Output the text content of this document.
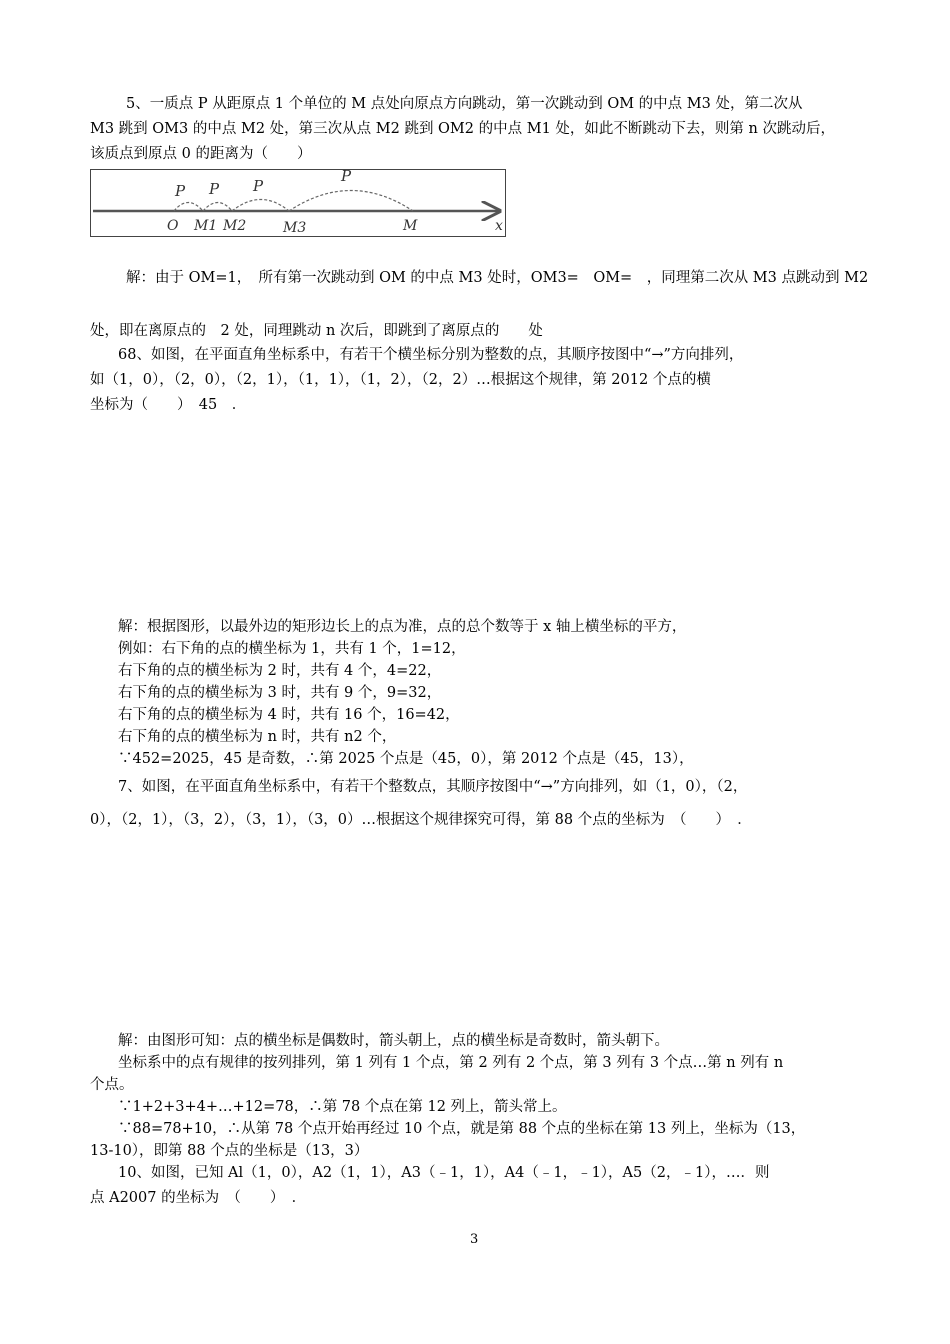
5、一质点 P 从距原点 1 个单位的 M 点处向原点方向跳动，第一次跳动到 OM 的中点 M3 处，第二次从
M3 跳到 OM3 的中点 M2 处，第三次从点 M2 跳到 OM2 的中点 M1 处，如此不断跳动下去，则第 n 次跳动后，
该质点到原点 0 的距离为（　　）
P P P
P
O M1 M2	M3	M	x
解：由于 OM=1，　所有第一次跳动到 OM 的中点 M3 处时，OM3=　OM=　，同理第二次从 M3 点跳动到 M2
处，即在离原点的　2 处，同理跳动 n 次后，即跳到了离原点的　　处
68、如图，在平面直角坐标系中，有若干个横坐标分别为整数的点，其顺序按图中“→”方向排列，
如（1，0），（2，0），（2，1），（1，1），（1，2），（2，2）…根据这个规律，第 2012 个点的横
坐标为（　　）　45　．
解：根据图形，以最外边的矩形边长上的点为准，点的总个数等于 x 轴上横坐标的平方，
例如：右下角的点的横坐标为 1，共有 1 个，1=12，
右下角的点的横坐标为 2 时，共有 4 个，4=22，
右下角的点的横坐标为 3 时，共有 9 个，9=32，
右下角的点的横坐标为 4 时，共有 16 个，16=42，
右下角的点的横坐标为 n 时，共有 n2 个，
∵452=2025，45 是奇数，∴第 2025 个点是（45，0），第 2012 个点是（45，13），
7、如图，在平面直角坐标系中，有若干个整数点，其顺序按图中“→”方向排列，如（1，0），（2，
0），（2，1），（3，2），（3，1），（3，0）…根据这个规律探究可得，第 88 个点的坐标为　（　　）　．
解：由图形可知：点的横坐标是偶数时，箭头朝上，点的横坐标是奇数时，箭头朝下。
坐标系中的点有规律的按列排列，第 1 列有 1 个点，第 2 列有 2 个点，第 3 列有 3 个点…第 n 列有 n
个点。
∵1+2+3+4+…+12=78，∴第 78 个点在第 12 列上，箭头常上。
∵88=78+10，∴从第 78 个点开始再经过 10 个点，就是第 88 个点的坐标在第 13 列上，坐标为（13，
13-10），即第 88 个点的坐标是（13，3）
10、如图，已知 Al（1，0），A2（1，1），A3（﹣1，1），A4（﹣1，﹣1），A5（2，﹣1），…．则
点 A2007 的坐标为　（　　）　．
3
